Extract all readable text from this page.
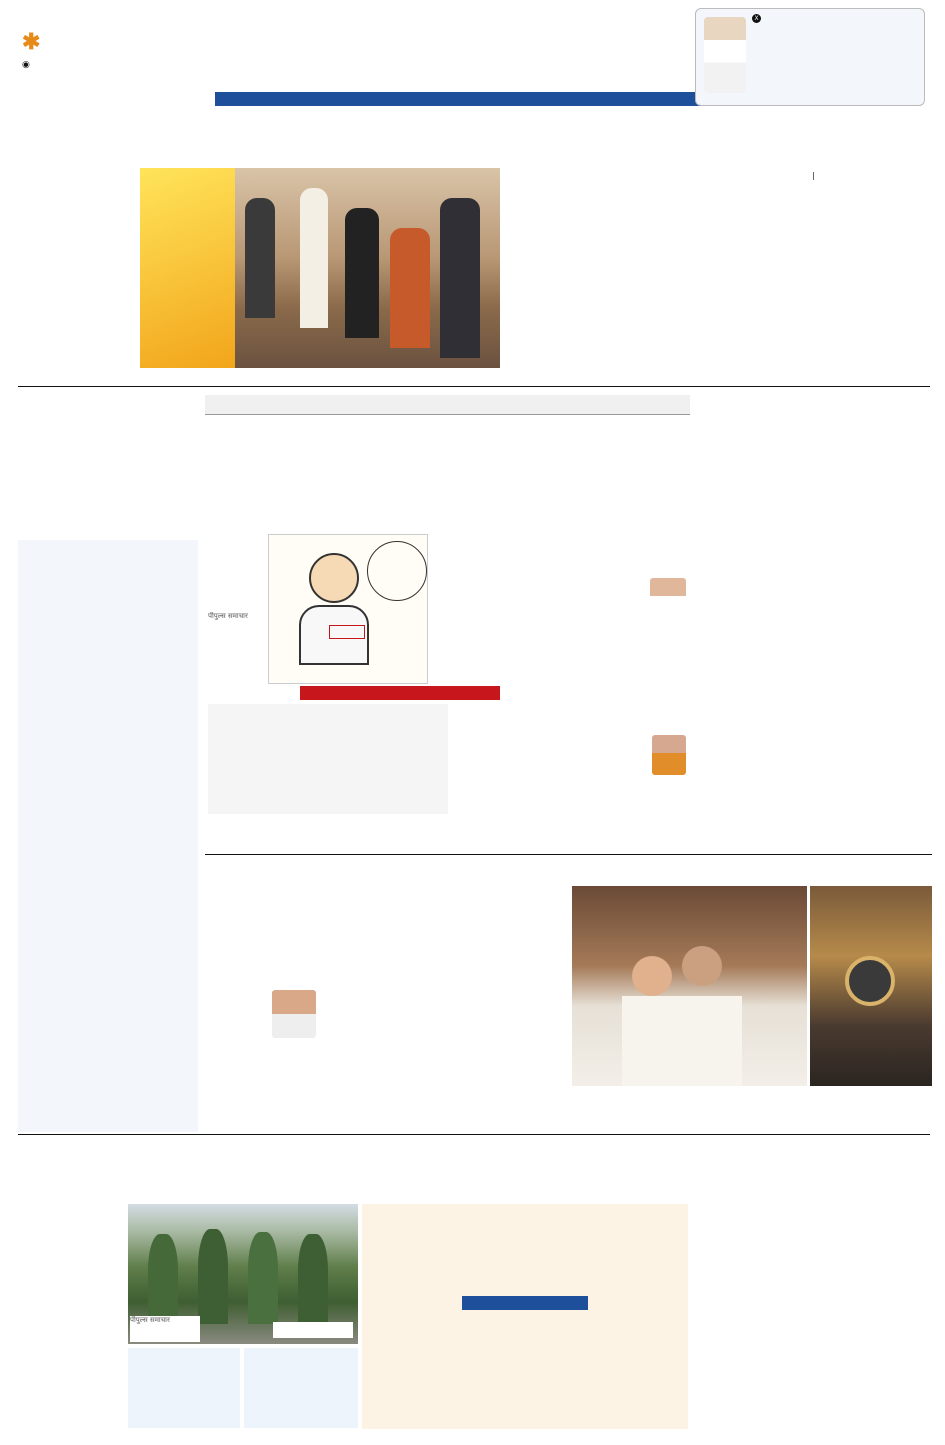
✱
◉
X
|
पीपुल्स समाचार

पीपुल्स समाचार
